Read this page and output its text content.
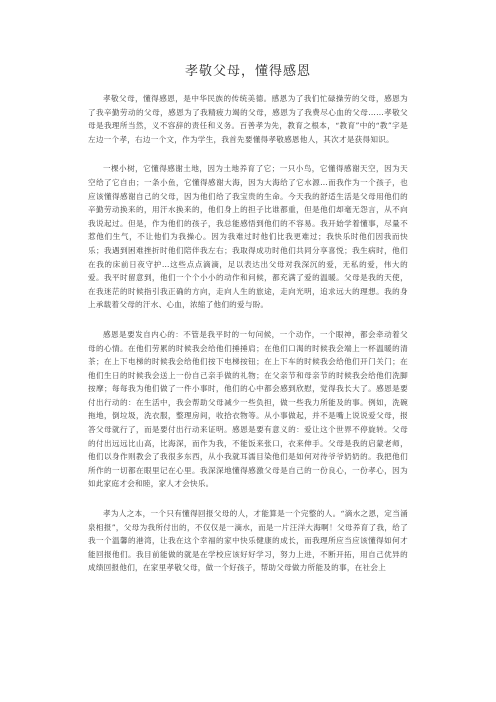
孝敬父母，懂得感恩

孝敬父母，懂得感恩，是中华民族的传统美德。感恩为了我们忙碌操劳的父母，感恩为了我辛勤劳动的父母，感恩为了我精疲力竭的父母，感恩为了我费尽心血的父母……孝敬父母是我理所当然，义不容辞的责任和义务。百善孝为先，教育之根本，“教育”中的“教”字是左边一个孝，右边一个文，作为学生，我首先要懂得孝敬感恩他人，其次才是获得知识。

一棵小树，它懂得感谢土地，因为土地养育了它；一只小鸟，它懂得感谢天空，因为天空给了它自由；一条小鱼，它懂得感谢大海，因为大海给了它水源…而我作为一个孩子，也应该懂得感谢自己的父母，因为他们给了我宝贵的生命。今天我的舒适生活是父母用他们的辛勤劳动换来的，用汗水换来的，他们身上的担子比谁都重，但是他们却毫无怨言，从不向我说起过。但是，作为他们的孩子，我总能感悟到他们的不容易。我开始学着懂事，尽量不惹他们生气，不让他们为我操心。因为我难过时他们比我更难过；我快乐时他们因我而快乐；我遇到困难挫折时他们陪伴我左右；我取得成功时他们共同分享喜悦；我生病时，他们在我的床前日夜守护…这些点点滴滴，足以表达出父母对我深沉的爱，无私的爱，伟大的爱。我平时留意到，他们一个个小小的动作和问候，都充满了爱的温暖。父母是我的天使，在我迷茫的时候指引我正确的方向，走向人生的旅途，走向光明，追求远大的理想。我的身上承载着父母的汗水、心血，浓缩了他们的爱与盼。

感恩是要发自内心的：不管是我平时的一句问候，一个动作，一个眼神，都会牵动着父母的心情。在他们劳累的时候我会给他们捶捶肩；在他们口渴的时候我会端上一杯温暖的清茶；在上下电梯的时候我会给他们按下电梯按钮；在上下车的时候我会给他们开门关门；在他们生日的时候我会送上一份自己亲手做的礼物；在父亲节和母亲节的时候我会给他们洗脚按摩；每每我为他们做了一件小事时，他们的心中都会感到欣慰，觉得我长大了。感恩是要付出行动的：在生活中，我会帮助父母减少一些负担，做一些我力所能及的事。例如，洗碗拖地，倒垃圾，洗衣服，整理房间，收拾衣物等。从小事做起，并不是嘴上说说爱父母，报答父母就行了，而是要付出行动来证明。感恩是要有意义的：爱让这个世界不停旋转。父母的付出远远比山高，比海深，而作为我，不能饭来张口，衣来伸手。父母是我的启蒙老师，他们以身作则教会了我很多东西，从小我就耳濡目染他们是如何对待爷爷奶奶的。我把他们所作的一切都在眼里记在心里。我深深地懂得感激父母是自己的一份良心，一份孝心，因为如此家庭才会和睦，家人才会快乐。

孝为人之本，一个只有懂得回报父母的人，才能算是一个完整的人。“滴水之恩，定当涌泉相报”，父母为我所付出的，不仅仅是一滴水，而是一片汪洋大海啊！父母养育了我，给了我一个温馨的港湾，让我在这个幸福的家中快乐健康的成长，而我理所应当应该懂得如何才能回报他们。我目前能做的就是在学校应该好好学习，努力上进，不断开拓，用自己优异的成绩回报他们，在家里孝敬父母，做一个好孩子，帮助父母做力所能及的事，在社会上
